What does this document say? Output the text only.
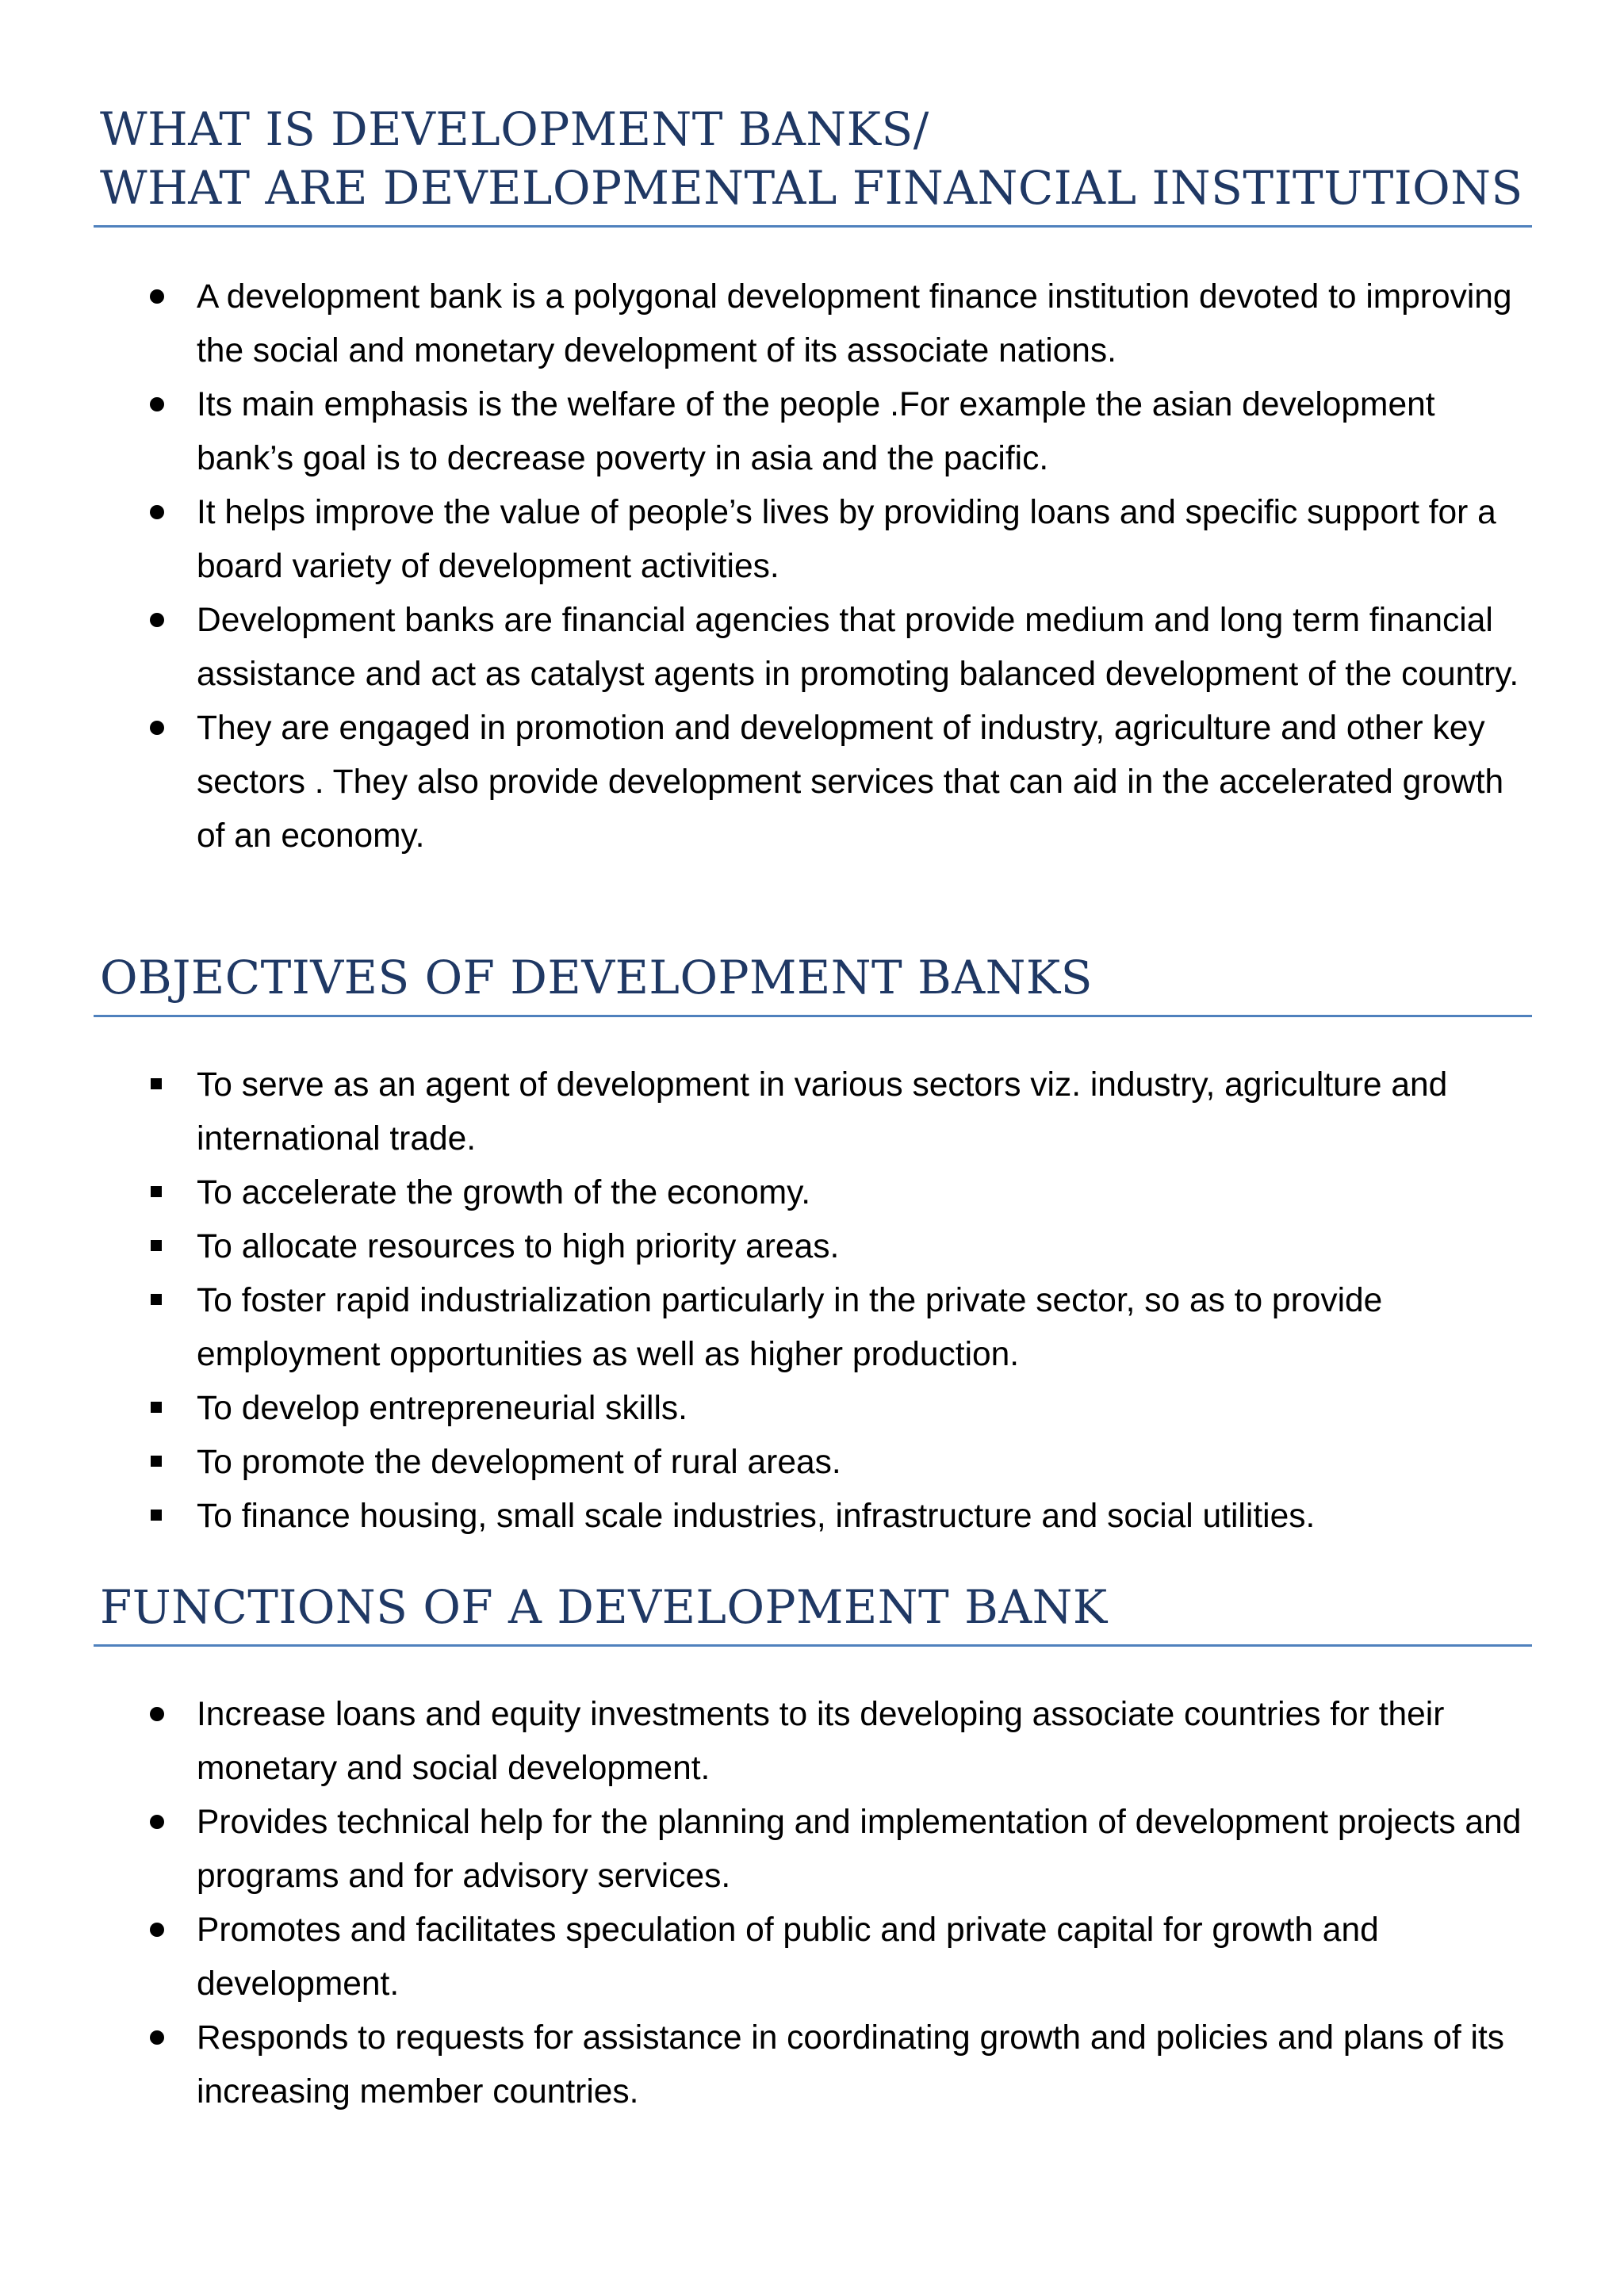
WHAT IS DEVELOPMENT BANKS/
WHAT ARE DEVELOPMENTAL FINANCIAL INSTITUTIONS
A development bank is a polygonal development finance institution devoted to improving the social and monetary development of its associate nations.
Its main emphasis is the welfare of the people .For example the asian development bank’s goal is to decrease poverty in asia and the pacific.
It helps improve the value of people’s lives by providing loans and specific support for a board variety of development activities.
Development banks are financial agencies that provide medium and long term financial assistance and act as catalyst agents in promoting balanced development of the country.
They are engaged in promotion and development of industry, agriculture and other key sectors . They also provide development services that can aid in the accelerated growth of an economy.
OBJECTIVES OF DEVELOPMENT BANKS
To serve as an agent of development in various sectors viz. industry, agriculture and international trade.
To accelerate the growth of the economy.
To allocate resources to high priority areas.
To foster rapid industrialization particularly in the private sector, so as to provide employment opportunities as well as higher production.
To develop entrepreneurial skills.
To promote the development of rural areas.
To finance housing, small scale industries, infrastructure and social utilities.
FUNCTIONS OF A DEVELOPMENT BANK
Increase loans and equity investments to its developing associate countries for their monetary and social development.
Provides technical help for the planning and implementation of development projects and programs and for advisory services.
Promotes and facilitates speculation of public and private capital for growth and development.
Responds to requests for assistance in coordinating growth and policies and plans of its increasing member countries.
